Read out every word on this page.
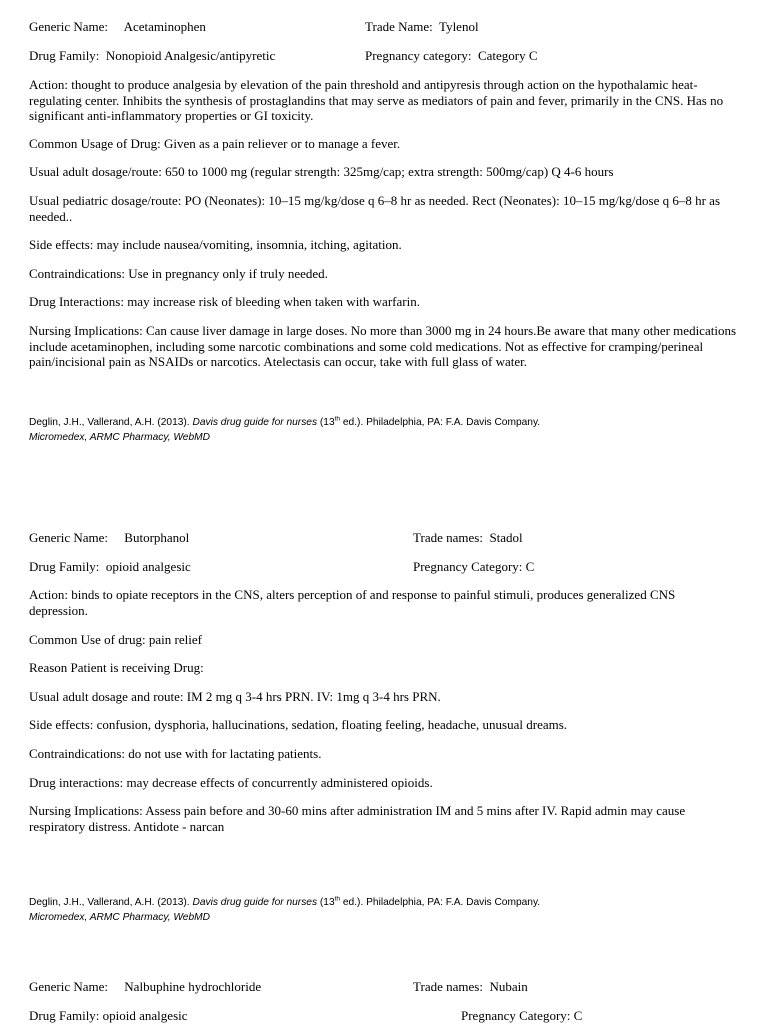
Generic Name: Acetaminophen	Trade Name: Tylenol
Drug Family: Nonopioid Analgesic/antipyretic	Pregnancy category: Category C

Action: thought to produce analgesia by elevation of the pain threshold and antipyresis through action on the hypothalamic heat-regulating center. Inhibits the synthesis of prostaglandins that may serve as mediators of pain and fever, primarily in the CNS. Has no significant anti-inflammatory properties or GI toxicity.

Common Usage of Drug: Given as a pain reliever or to manage a fever.

Usual adult dosage/route: 650 to 1000 mg (regular strength: 325mg/cap; extra strength: 500mg/cap) Q 4-6 hours

Usual pediatric dosage/route: PO (Neonates): 10–15 mg/kg/dose q 6–8 hr as needed. Rect (Neonates): 10–15 mg/kg/dose q 6–8 hr as needed..

Side effects: may include nausea/vomiting, insomnia, itching, agitation.

Contraindications: Use in pregnancy only if truly needed.

Drug Interactions: may increase risk of bleeding when taken with warfarin.

Nursing Implications: Can cause liver damage in large doses. No more than 3000 mg in 24 hours.Be aware that many other medications include acetaminophen, including some narcotic combinations and some cold medications. Not as effective for cramping/perineal pain/incisional pain as NSAIDs or narcotics. Atelectasis can occur, take with full glass of water.

Deglin, J.H., Vallerand, A.H. (2013). Davis drug guide for nurses (13th ed.). Philadelphia, PA: F.A. Davis Company.
Micromedex, ARMC Pharmacy, WebMD
Generic Name: Butorphanol	Trade names: Stadol
Drug Family: opioid analgesic	Pregnancy Category: C

Action: binds to opiate receptors in the CNS, alters perception of and response to painful stimuli, produces generalized CNS depression.

Common Use of drug: pain relief

Reason Patient is receiving Drug:

Usual adult dosage and route: IM 2 mg q 3-4 hrs PRN. IV: 1mg q 3-4 hrs PRN.

Side effects: confusion, dysphoria, hallucinations, sedation, floating feeling, headache, unusual dreams.

Contraindications: do not use with for lactating patients.

Drug interactions: may decrease effects of concurrently administered opioids.

Nursing Implications: Assess pain before and 30-60 mins after administration IM and 5 mins after IV. Rapid admin may cause respiratory distress. Antidote - narcan

Deglin, J.H., Vallerand, A.H. (2013). Davis drug guide for nurses (13th ed.). Philadelphia, PA: F.A. Davis Company.
Micromedex, ARMC Pharmacy, WebMD
Generic Name: Nalbuphine hydrochloride	Trade names: Nubain
Drug Family: opioid analgesic	Pregnancy Category: C
